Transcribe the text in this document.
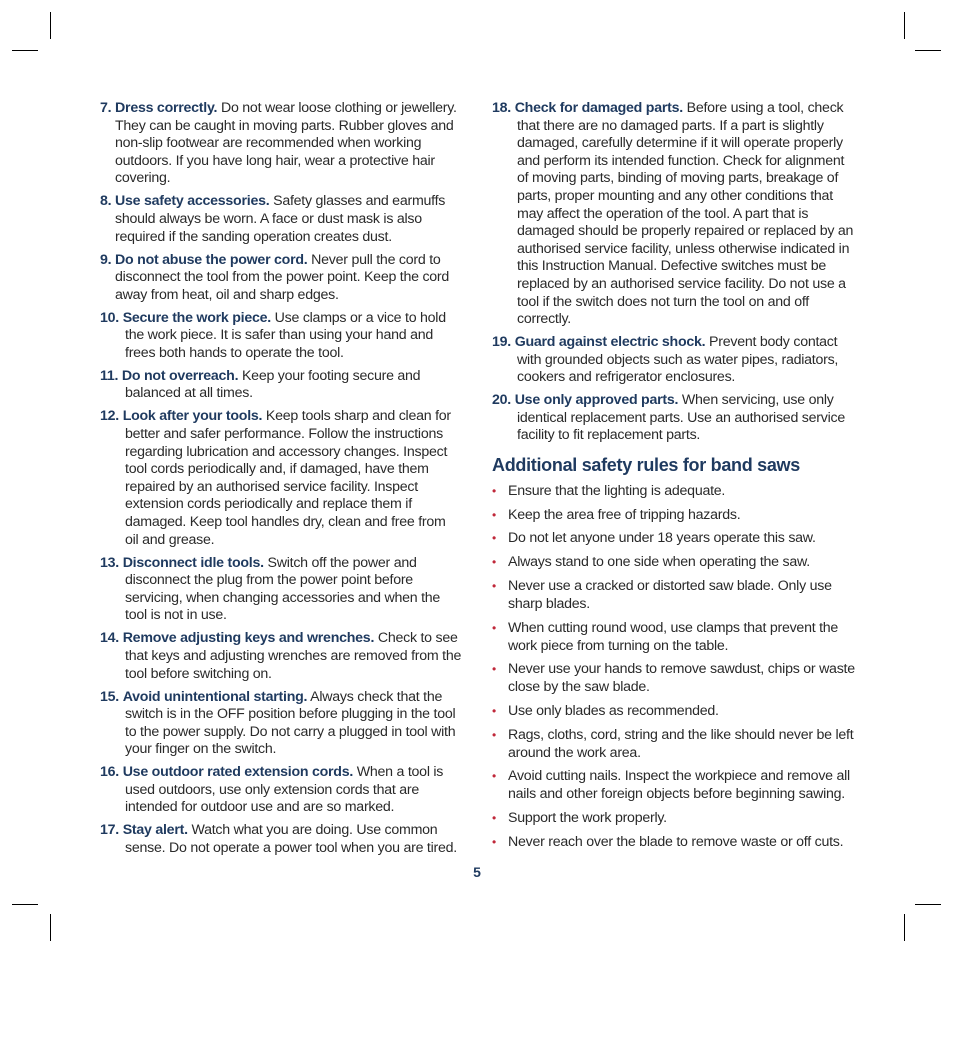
7. Dress correctly. Do not wear loose clothing or jewellery. They can be caught in moving parts. Rubber gloves and non-slip footwear are recommended when working outdoors. If you have long hair, wear a protective hair covering.

8. Use safety accessories. Safety glasses and earmuffs should always be worn. A face or dust mask is also required if the sanding operation creates dust.

9. Do not abuse the power cord. Never pull the cord to disconnect the tool from the power point. Keep the cord away from heat, oil and sharp edges.

10. Secure the work piece. Use clamps or a vice to hold the work piece. It is safer than using your hand and frees both hands to operate the tool.

11. Do not overreach. Keep your footing secure and balanced at all times.

12. Look after your tools. Keep tools sharp and clean for better and safer performance. Follow the instructions regarding lubrication and accessory changes. Inspect tool cords periodically and, if damaged, have them repaired by an authorised service facility. Inspect extension cords periodically and replace them if damaged. Keep tool handles dry, clean and free from oil and grease.

13. Disconnect idle tools. Switch off the power and disconnect the plug from the power point before servicing, when changing accessories and when the tool is not in use.

14. Remove adjusting keys and wrenches. Check to see that keys and adjusting wrenches are removed from the tool before switching on.

15. Avoid unintentional starting. Always check that the switch is in the OFF position before plugging in the tool to the power supply. Do not carry a plugged in tool with your finger on the switch.

16. Use outdoor rated extension cords. When a tool is used outdoors, use only extension cords that are intended for outdoor use and are so marked.

17. Stay alert. Watch what you are doing. Use common sense. Do not operate a power tool when you are tired.

18. Check for damaged parts. Before using a tool, check that there are no damaged parts. If a part is slightly damaged, carefully determine if it will operate properly and perform its intended function. Check for alignment of moving parts, binding of moving parts, breakage of parts, proper mounting and any other conditions that may affect the operation of the tool. A part that is damaged should be properly repaired or replaced by an authorised service facility, unless otherwise indicated in this Instruction Manual. Defective switches must be replaced by an authorised service facility. Do not use a tool if the switch does not turn the tool on and off correctly.

19. Guard against electric shock. Prevent body contact with grounded objects such as water pipes, radiators, cookers and refrigerator enclosures.

20. Use only approved parts. When servicing, use only identical replacement parts. Use an authorised service facility to fit replacement parts.

Additional safety rules for band saws
• Ensure that the lighting is adequate.
• Keep the area free of tripping hazards.
• Do not let anyone under 18 years operate this saw.
• Always stand to one side when operating the saw.
• Never use a cracked or distorted saw blade. Only use sharp blades.
• When cutting round wood, use clamps that prevent the work piece from turning on the table.
• Never use your hands to remove sawdust, chips or waste close by the saw blade.
• Use only blades as recommended.
• Rags, cloths, cord, string and the like should never be left around the work area.
• Avoid cutting nails. Inspect the workpiece and remove all nails and other foreign objects before beginning sawing.
• Support the work properly.
• Never reach over the blade to remove waste or off cuts.
5
